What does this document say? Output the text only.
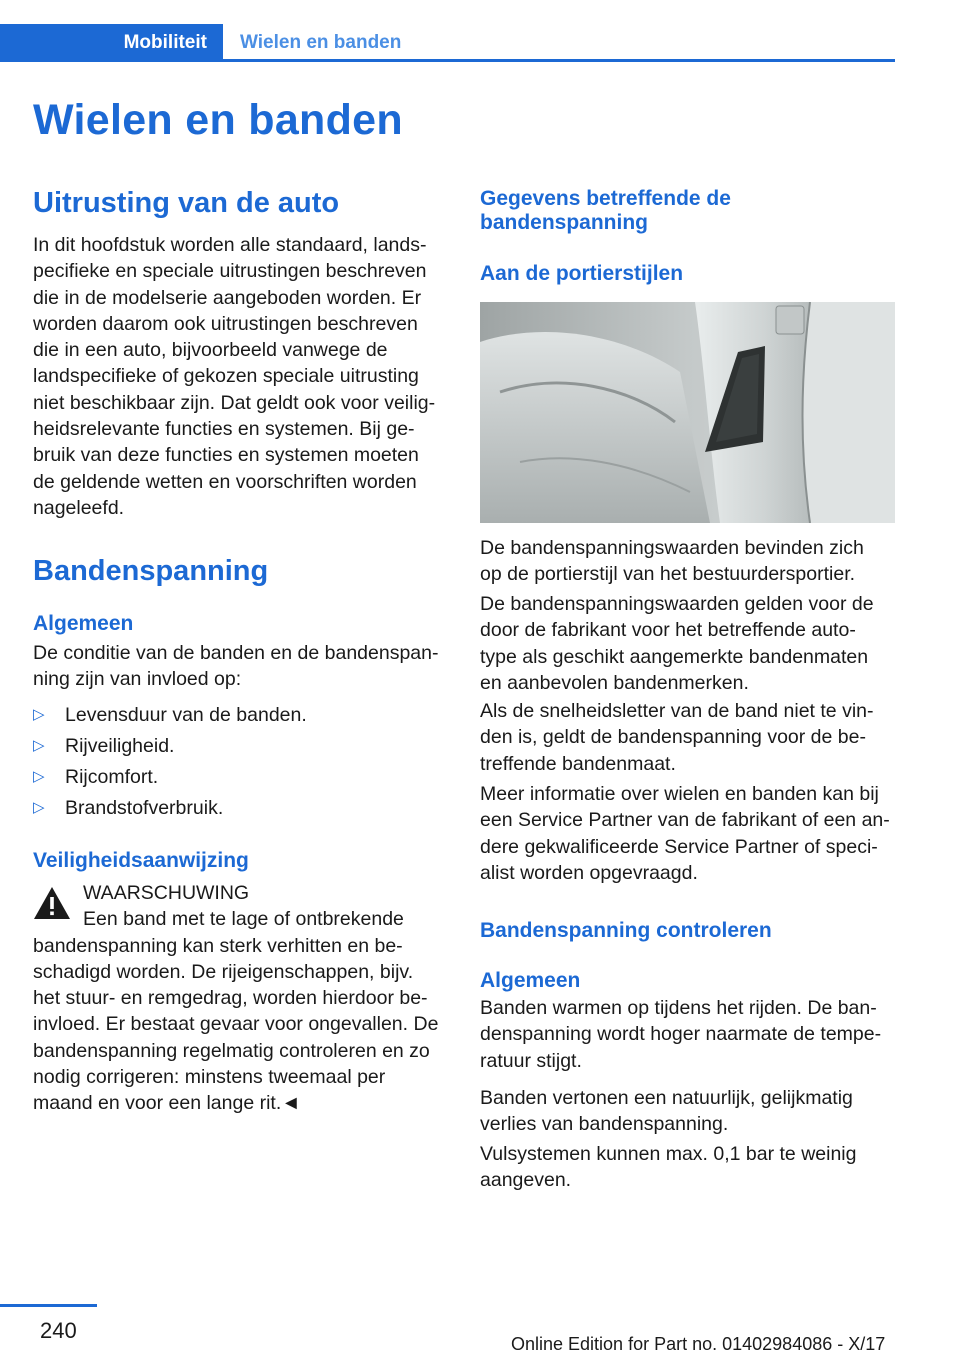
Mobiliteit	Wielen en banden
Wielen en banden
Uitrusting van de auto

In dit hoofdstuk worden alle standaard, lands-

pecifieke en speciale uitrustingen beschreven

die in de modelserie aangeboden worden. Er

worden daarom ook uitrustingen beschreven

die in een auto, bijvoorbeeld vanwege de

landspecifieke of gekozen speciale uitrusting

niet beschikbaar zijn. Dat geldt ook voor veilig-

heidsrelevante functies en systemen. Bij ge-

bruik van deze functies en systemen moeten

de geldende wetten en voorschriften worden

nageleefd.

Bandenspanning
Algemeen

De conditie van de banden en de bandenspan-

ning zijn van invloed op:

▷	Levensduur van de banden.
▷	Rijveiligheid.
▷	Rijcomfort.
▷	Brandstofverbruik.
Veiligheidsaanwijzing

WAARSCHUWING

Een band met te lage of ontbrekende

bandenspanning kan sterk verhitten en be-

schadigd worden. De rijeigenschappen, bijv.

het stuur- en remgedrag, worden hierdoor be-

invloed. Er bestaat gevaar voor ongevallen. De

bandenspanning regelmatig controleren en zo

nodig corrigeren: minstens tweemaal per

maand en voor een lange rit.◄

Gegevens betreffende de
bandenspanning
Aan de portierstijlen

De bandenspanningswaarden bevinden zich

op de portierstijl van het bestuurdersportier.

De bandenspanningswaarden gelden voor de

door de fabrikant voor het betreffende auto-

type als geschikt aangemerkte bandenmaten

en aanbevolen bandenmerken.

Als de snelheidsletter van de band niet te vin-

den is, geldt de bandenspanning voor de be-

treffende bandenmaat.

Meer informatie over wielen en banden kan bij

een Service Partner van de fabrikant of een an-

dere gekwalificeerde Service Partner of speci-

alist worden opgevraagd.

Bandenspanning controleren
Algemeen

Banden warmen op tijdens het rijden. De ban-

denspanning wordt hoger naarmate de tempe-

ratuur stijgt.

Banden vertonen een natuurlijk, gelijkmatig

verlies van bandenspanning.

Vulsystemen kunnen max. 0,1 bar te weinig

aangeven.

240
Online Edition for Part no. 01402984086 - X/17
